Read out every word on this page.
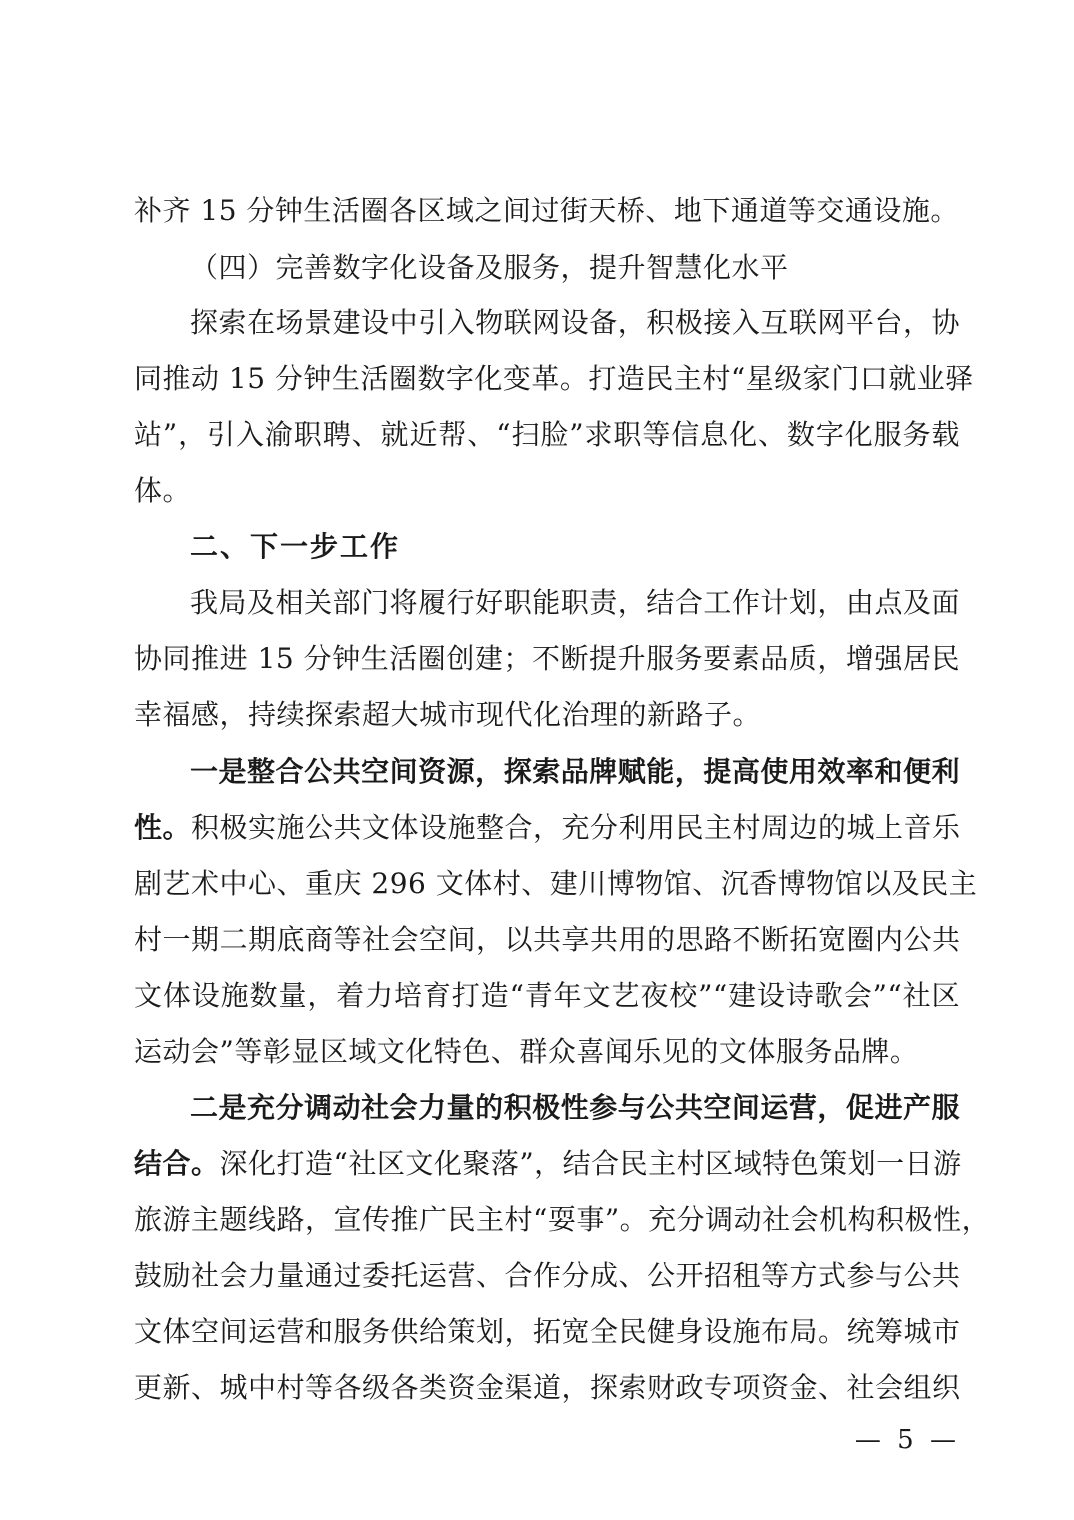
补齐 15 分钟生活圈各区域之间过街天桥、地下通道等交通设施。
（四）完善数字化设备及服务，提升智慧化水平
探索在场景建设中引入物联网设备，积极接入互联网平台，协
同推动 15 分钟生活圈数字化变革。打造民主村“星级家门口就业驿
站”，引入渝职聘、就近帮、“扫脸”求职等信息化、数字化服务载
体。
二、下一步工作
我局及相关部门将履行好职能职责，结合工作计划，由点及面
协同推进 15 分钟生活圈创建；不断提升服务要素品质，增强居民
幸福感，持续探索超大城市现代化治理的新路子。
一是整合公共空间资源，探索品牌赋能，提高使用效率和便利
性。积极实施公共文体设施整合，充分利用民主村周边的城上音乐
剧艺术中心、重庆 296 文体村、建川博物馆、沉香博物馆以及民主
村一期二期底商等社会空间，以共享共用的思路不断拓宽圈内公共
文体设施数量，着力培育打造“青年文艺夜校”“建设诗歌会”“社区
运动会”等彰显区域文化特色、群众喜闻乐见的文体服务品牌。
二是充分调动社会力量的积极性参与公共空间运营，促进产服
结合。深化打造“社区文化聚落”，结合民主村区域特色策划一日游
旅游主题线路，宣传推广民主村“耍事”。充分调动社会机构积极性，
鼓励社会力量通过委托运营、合作分成、公开招租等方式参与公共
文体空间运营和服务供给策划，拓宽全民健身设施布局。统筹城市
更新、城中村等各级各类资金渠道，探索财政专项资金、社会组织
— 5 —
